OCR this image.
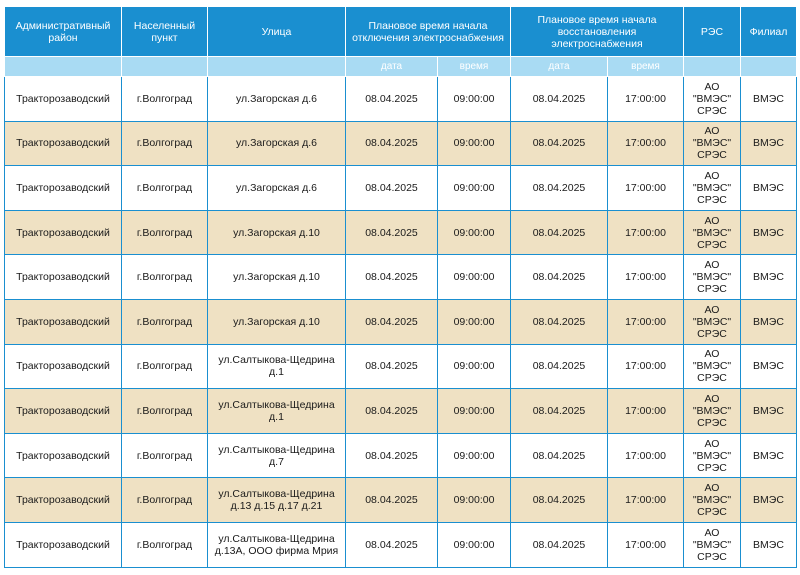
Административный район	Населенный пункт	Улица	Плановое время начала отключения электроснабжения		Плановое время начала восстановления электроснабжения		РЭС	Филиал
			дата	время	дата	время		
Тракторозаводский	г.Волгоград	ул.Загорская д.6	08.04.2025	09:00:00	08.04.2025	17:00:00	АО "ВМЭС" СРЭС	ВМЭС
Тракторозаводский	г.Волгоград	ул.Загорская д.6	08.04.2025	09:00:00	08.04.2025	17:00:00	АО "ВМЭС" СРЭС	ВМЭС
Тракторозаводский	г.Волгоград	ул.Загорская д.6	08.04.2025	09:00:00	08.04.2025	17:00:00	АО "ВМЭС" СРЭС	ВМЭС
Тракторозаводский	г.Волгоград	ул.Загорская д.10	08.04.2025	09:00:00	08.04.2025	17:00:00	АО "ВМЭС" СРЭС	ВМЭС
Тракторозаводский	г.Волгоград	ул.Загорская д.10	08.04.2025	09:00:00	08.04.2025	17:00:00	АО "ВМЭС" СРЭС	ВМЭС
Тракторозаводский	г.Волгоград	ул.Загорская д.10	08.04.2025	09:00:00	08.04.2025	17:00:00	АО "ВМЭС" СРЭС	ВМЭС
Тракторозаводский	г.Волгоград	ул.Салтыкова-Щедрина д.1	08.04.2025	09:00:00	08.04.2025	17:00:00	АО "ВМЭС" СРЭС	ВМЭС
Тракторозаводский	г.Волгоград	ул.Салтыкова-Щедрина д.1	08.04.2025	09:00:00	08.04.2025	17:00:00	АО "ВМЭС" СРЭС	ВМЭС
Тракторозаводский	г.Волгоград	ул.Салтыкова-Щедрина д.7	08.04.2025	09:00:00	08.04.2025	17:00:00	АО "ВМЭС" СРЭС	ВМЭС
Тракторозаводский	г.Волгоград	ул.Салтыкова-Щедрина д.13 д.15 д.17 д.21	08.04.2025	09:00:00	08.04.2025	17:00:00	АО "ВМЭС" СРЭС	ВМЭС
Тракторозаводский	г.Волгоград	ул.Салтыкова-Щедрина д.13А, ООО фирма Мрия	08.04.2025	09:00:00	08.04.2025	17:00:00	АО "ВМЭС" СРЭС	ВМЭС
